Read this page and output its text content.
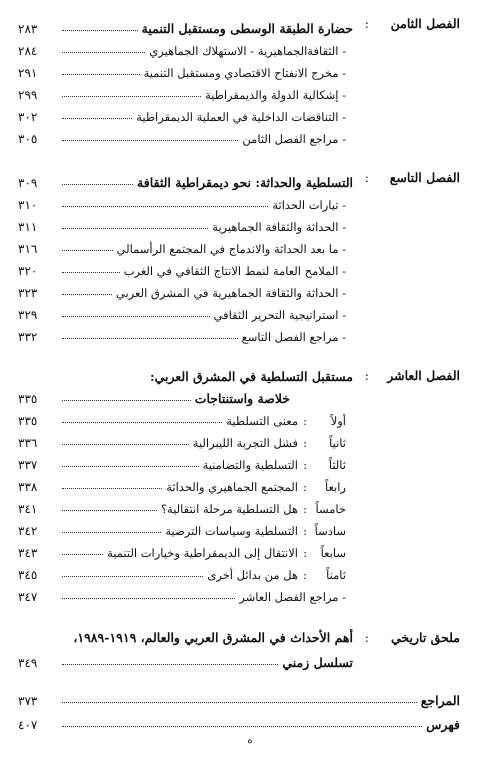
الفصل الثامن
:
حضارة الطبقة الوسطى ومستقبل التنمية
٢٨٣
- الثقافةالجماهيرية - الاستهلاك الجماهيري
٢٨٤
- مخرج الانفتاح الاقتصادي ومستقبل التنمية
٢٩١
- إشكالية الدولة والديمقراطية
٢٩٩
- التناقضات الداخلية في العملية الديمقراطية
٣٠٢
- مراجع الفصل الثامن
٣٠٥
الفصل التاسع
:
التسلطية والحداثة: نحو ديمقراطية الثقافة
٣٠٩
- تيارات الحداثة
٣١٠
- الحداثة والثقافة الجماهيرية
٣١١
- ما بعد الحداثة والاندماج في المجتمع الرأسمالي
٣١٦
- الملامح العامة لنمط الانتاج الثقافي في الغرب
٣٢٠
- الحداثة والثقافة الجماهيرية في المشرق العربي
٣٢٣
- استراتيجية التحرير الثقافي
٣٢٩
- مراجع الفصل التاسع
٣٣٢
الفصل العاشر
:
مستقبل التسلطية في المشرق العربي:
خلاصة واستنتاجات
٣٣٥
أولاً:معنى التسلطية
٣٣٥
ثانياً:فشل التجربة الليبرالية
٣٣٦
ثالثاً:التسلطية والتضامنية
٣٣٧
رابعاً:المجتمع الجماهيري والحداثة
٣٣٨
خامساً:هل التسلطية مرحلة انتقالية؟
٣٤١
سادساً:التسلطية وسياسات الترضية
٣٤٢
سابعاً:الانتقال إلى الديمقراطية وخيارات التنمية
٣٤٣
ثامناً:هل من بدائل أخرى
٣٤٥
- مراجع الفصل العاشر
٣٤٧
ملحق تاريخي
:
أهم الأحداث في المشرق العربي والعالم، ١٩١٩-١٩٨٩،
تسلسل زمني
٣٤٩
المراجع
٣٧٣
فهرس
٤٠٧
ه
